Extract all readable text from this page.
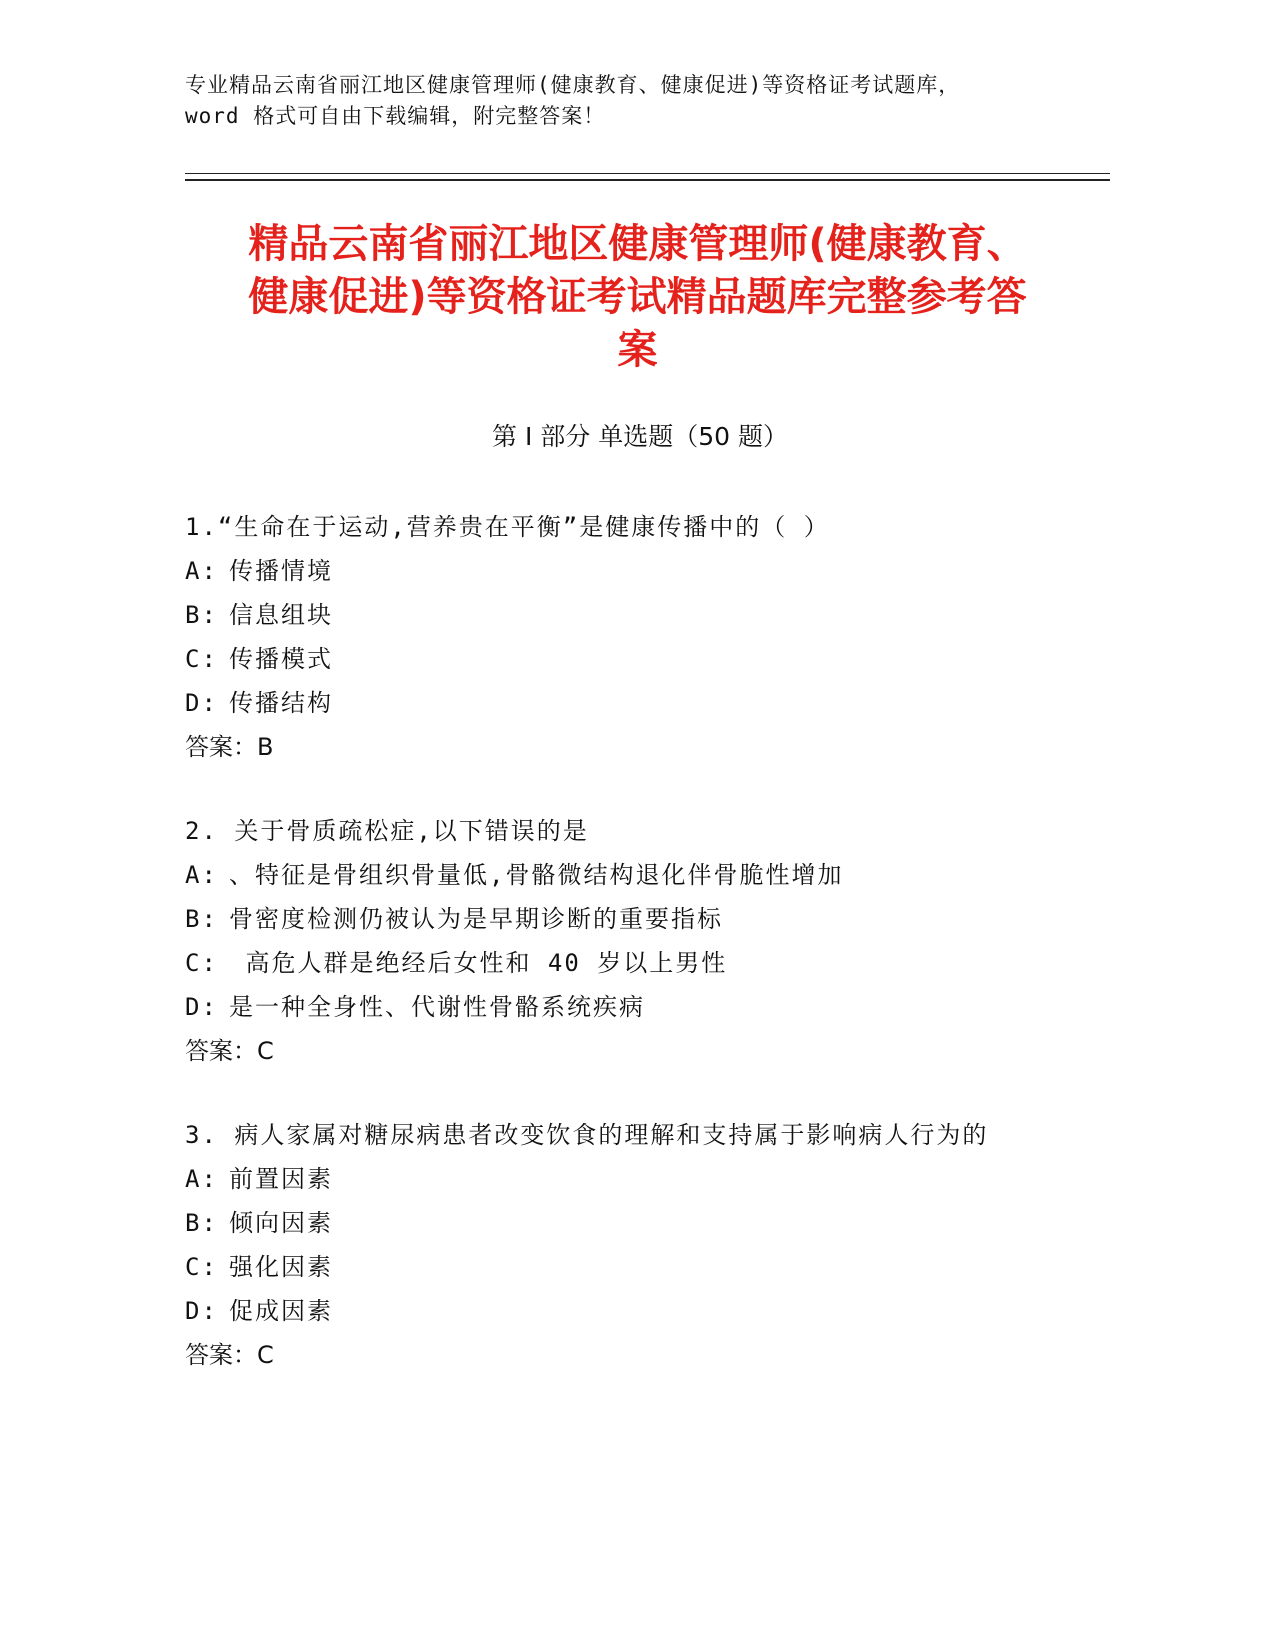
专业精品云南省丽江地区健康管理师(健康教育、健康促进)等资格证考试题库，
word 格式可自由下载编辑，附完整答案！
精品云南省丽江地区健康管理师(健康教育、
健康促进)等资格证考试精品题库完整参考答
案
第 I 部分 单选题（50 题）
1.“生命在于运动,营养贵在平衡”是健康传播中的（ ）
A: 传播情境
B: 信息组块
C: 传播模式
D: 传播结构
答案：B
2. 关于骨质疏松症,以下错误的是
A: 、特征是骨组织骨量低,骨骼微结构退化伴骨脆性增加
B: 骨密度检测仍被认为是早期诊断的重要指标
C: 高危人群是绝经后女性和 40 岁以上男性
D: 是一种全身性、代谢性骨骼系统疾病
答案：C
3. 病人家属对糖尿病患者改变饮食的理解和支持属于影响病人行为的
A: 前置因素
B: 倾向因素
C: 强化因素
D: 促成因素
答案：C
